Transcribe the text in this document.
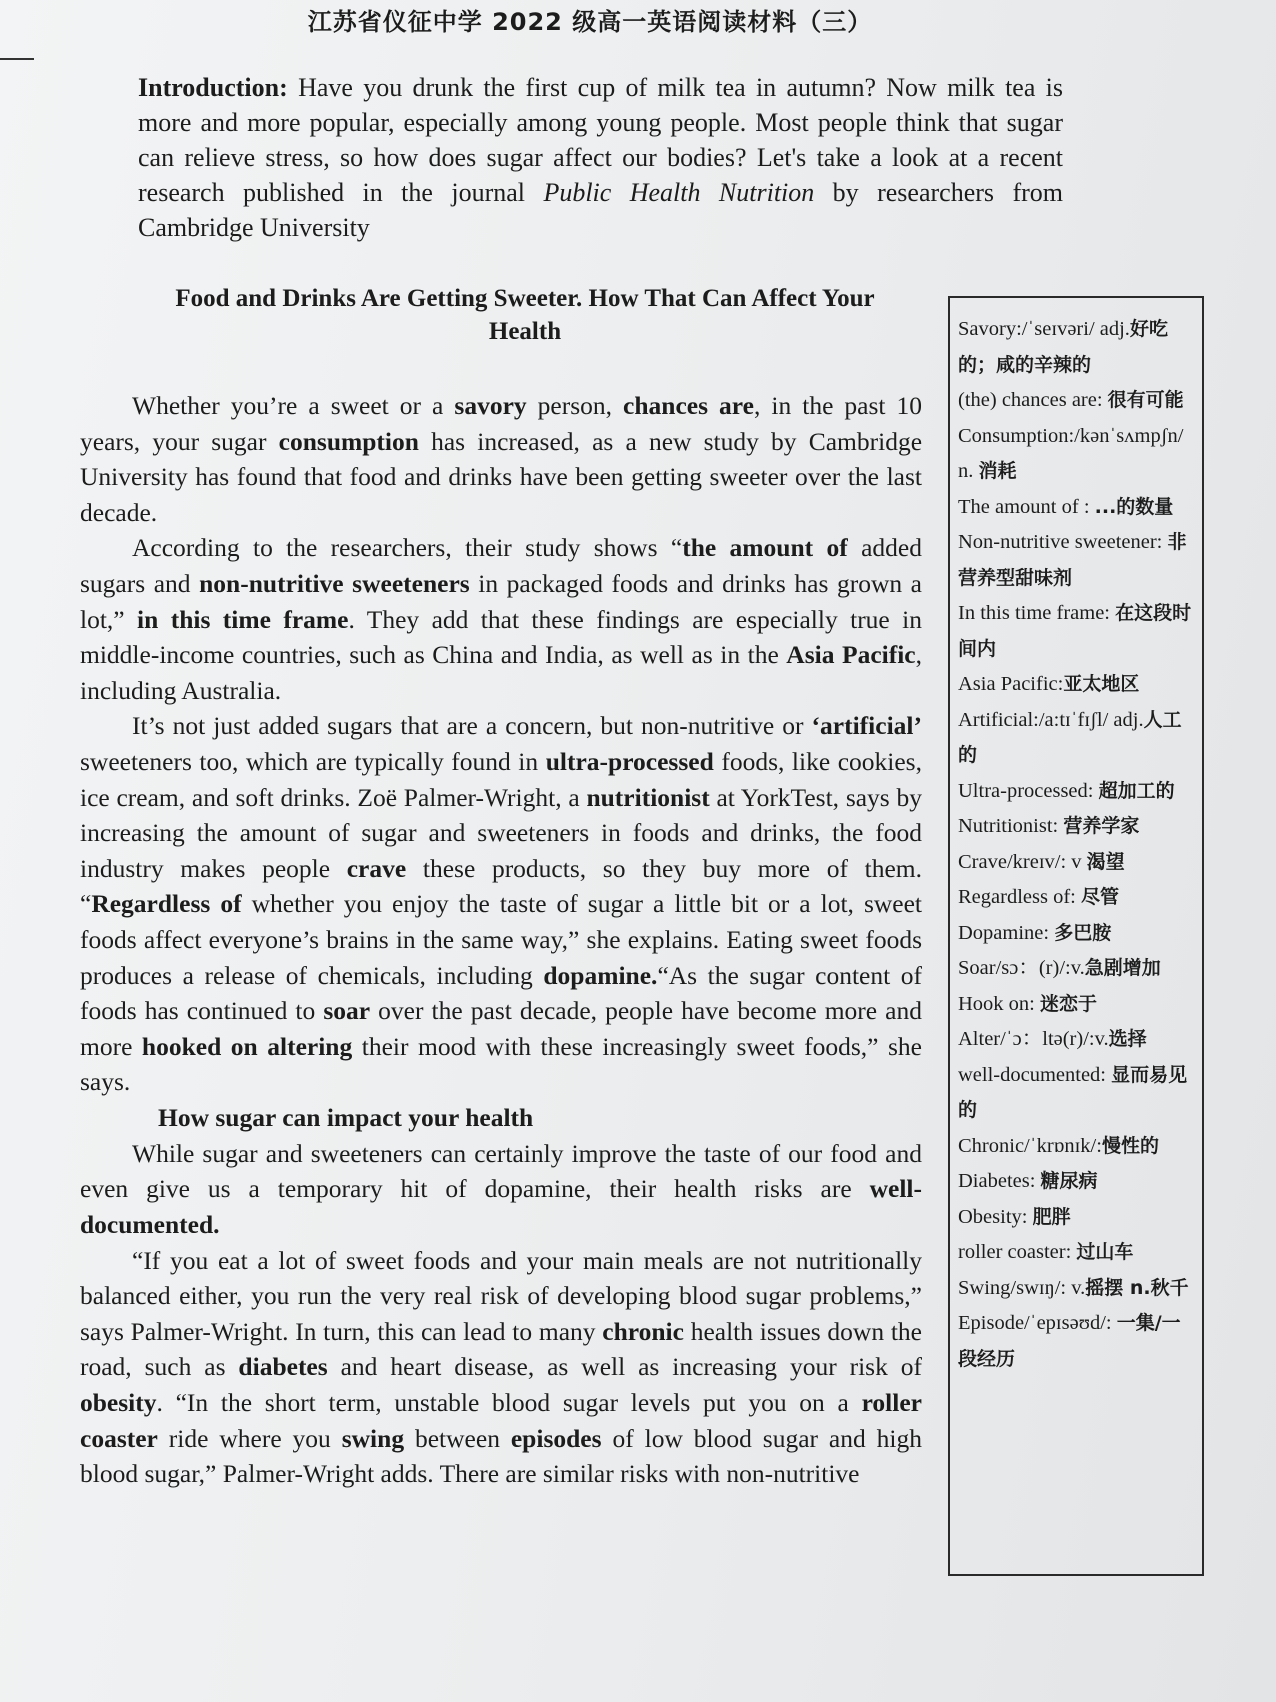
江苏省仪征中学 2022 级高一英语阅读材料（三）
Introduction: Have you drunk the first cup of milk tea in autumn? Now milk tea is more and more popular, especially among young people. Most people think that sugar can relieve stress, so how does sugar affect our bodies? Let's take a look at a recent research published in the journal Public Health Nutrition by researchers from Cambridge University
Food and Drinks Are Getting Sweeter. How That Can Affect Your Health

Whether you’re a sweet or a savory person, chances are, in the past 10 years, your sugar consumption has increased, as a new study by Cambridge University has found that food and drinks have been getting sweeter over the last decade.

According to the researchers, their study shows “the amount of added sugars and non-nutritive sweeteners in packaged foods and drinks has grown a lot,” in this time frame. They add that these findings are especially true in middle-income countries, such as China and India, as well as in the Asia Pacific, including Australia.

It’s not just added sugars that are a concern, but non-nutritive or ‘artificial’ sweeteners too, which are typically found in ultra-processed foods, like cookies, ice cream, and soft drinks. Zoë Palmer-Wright, a nutritionist at YorkTest, says by increasing the amount of sugar and sweeteners in foods and drinks, the food industry makes people crave these products, so they buy more of them. “Regardless of whether you enjoy the taste of sugar a little bit or a lot, sweet foods affect everyone’s brains in the same way,” she explains. Eating sweet foods produces a release of chemicals, including dopamine.“As the sugar content of foods has continued to soar over the past decade, people have become more and more hooked on altering their mood with these increasingly sweet foods,” she says.

How sugar can impact your health

While sugar and sweeteners can certainly improve the taste of our food and even give us a temporary hit of dopamine, their health risks are well- documented.

“If you eat a lot of sweet foods and your main meals are not nutritionally balanced either, you run the very real risk of developing blood sugar problems,” says Palmer-Wright. In turn, this can lead to many chronic health issues down the road, such as diabetes and heart disease, as well as increasing your risk of obesity. “In the short term, unstable blood sugar levels put you on a roller coaster ride where you swing between episodes of low blood sugar and high blood sugar,” Palmer-Wright adds. There are similar risks with non-nutritive

Savory:/ˈseɪvəri/ adj.好吃的；咸的辛辣的
(the) chances are: 很有可能
Consumption:/kənˈsʌmpʃn/ n. 消耗
The amount of : ...的数量
Non-nutritive sweetener: 非营养型甜味剂
In this time frame: 在这段时间内
Asia Pacific:亚太地区
Artificial:/a:tɪˈfɪʃl/ adj.人工的
Ultra-processed: 超加工的
Nutritionist: 营养学家
Crave/kreɪv/: v 渴望
Regardless of: 尽管
Dopamine: 多巴胺
Soar/sɔ：(r)/:v.急剧增加
Hook on: 迷恋于
Alter/ˈɔ：ltə(r)/:v.选择
well-documented: 显而易见的
Chronic/ˈkrɒnɪk/:慢性的
Diabetes: 糖尿病
Obesity: 肥胖
roller coaster: 过山车
Swing/swɪŋ/: v.摇摆 n.秋千
Episode/ˈepɪsəʊd/: 一集/一段经历
